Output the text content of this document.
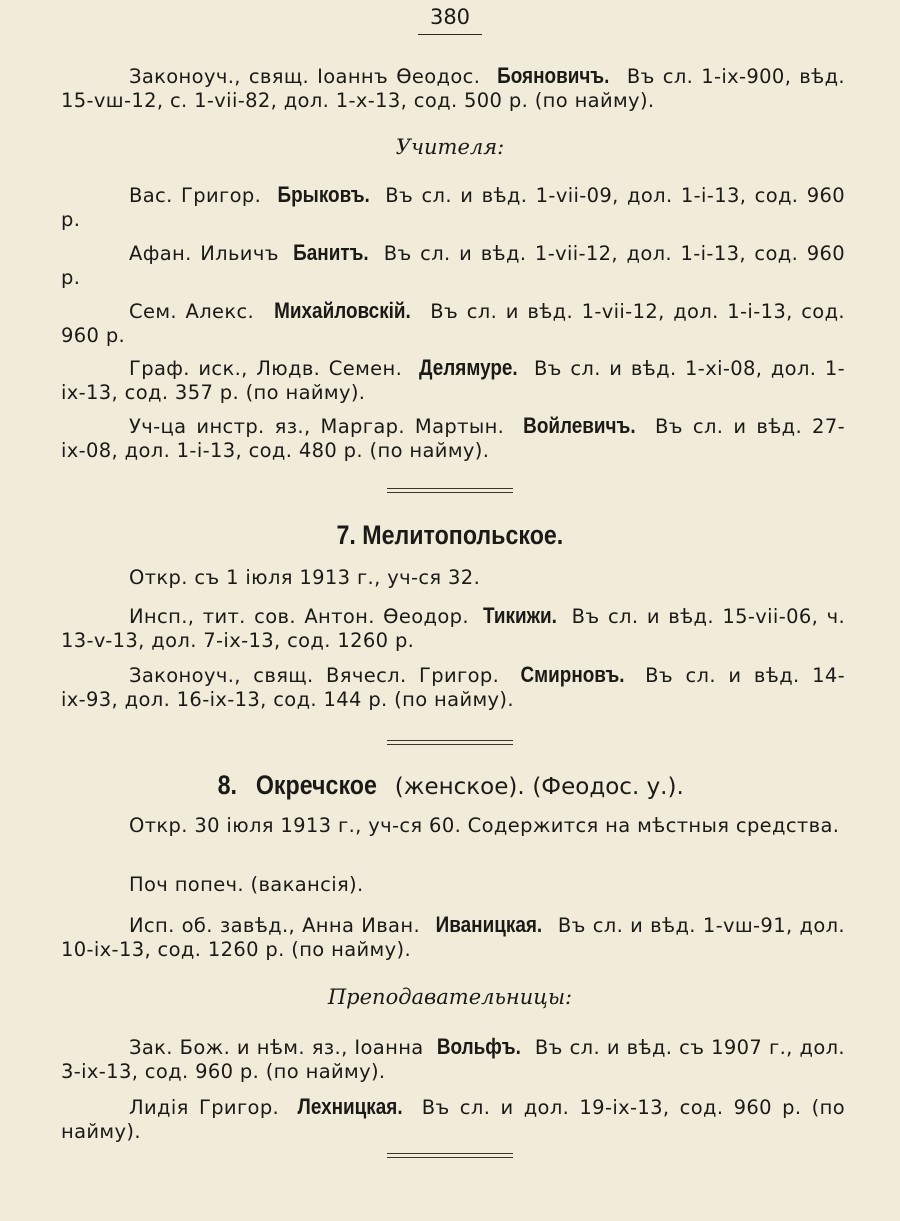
380
Законоуч., свящ. Іоаннъ Өеодос. Бояновичъ. Въ сл. 1-іх-900, вѣд. 15-vш-12, с. 1-vіі-82, дол. 1-х-13, сод. 500 р. (по найму).
Учителя:
Вас. Григор. Брыковъ. Въ сл. и вѣд. 1-vіі-09, дол. 1-і-13, сод. 960 р.
Афан. Ильичъ Банитъ. Въ сл. и вѣд. 1-vіі-12, дол. 1-і-13, сод. 960 р.
Сем. Алекс. Михайловскій. Въ сл. и вѣд. 1-vіі-12, дол. 1-і-13, сод. 960 р.
Граф. иск., Людв. Семен. Делямуре. Въ сл. и вѣд. 1-хі-08, дол. 1-іх-13, сод. 357 р. (по найму).
Уч-ца инстр. яз., Маргар. Мартын. Войлевичъ. Въ сл. и вѣд. 27-іх-08, дол. 1-і-13, сод. 480 р. (по найму).
7. Мелитопольское.
Откр. съ 1 іюля 1913 г., уч-ся 32.
Инсп., тит. сов. Антон. Өеодор. Тикижи. Въ сл. и вѣд. 15-vіі-06, ч. 13-v-13, дол. 7-іх-13, сод. 1260 р.
Законоуч., свящ. Вячесл. Григор. Смирновъ. Въ сл. и вѣд. 14-іх-93, дол. 16-іх-13, сод. 144 р. (по найму).
8. Окречское (женское). (Феодос. у.).
Откр. 30 іюля 1913 г., уч-ся 60. Содержится на мѣстныя средства.
Поч попеч. (вакансія).
Исп. об. завѣд., Анна Иван. Иваницкая. Въ сл. и вѣд. 1-vш-91, дол. 10-іх-13, сод. 1260 р. (по найму).
Преподавательницы:
Зак. Бож. и нѣм. яз., Іоанна Вольфъ. Въ сл. и вѣд. съ 1907 г., дол. 3-іх-13, сод. 960 р. (по найму).
Лидія Григор. Лехницкая. Въ сл. и дол. 19-іх-13, сод. 960 р. (по найму).
